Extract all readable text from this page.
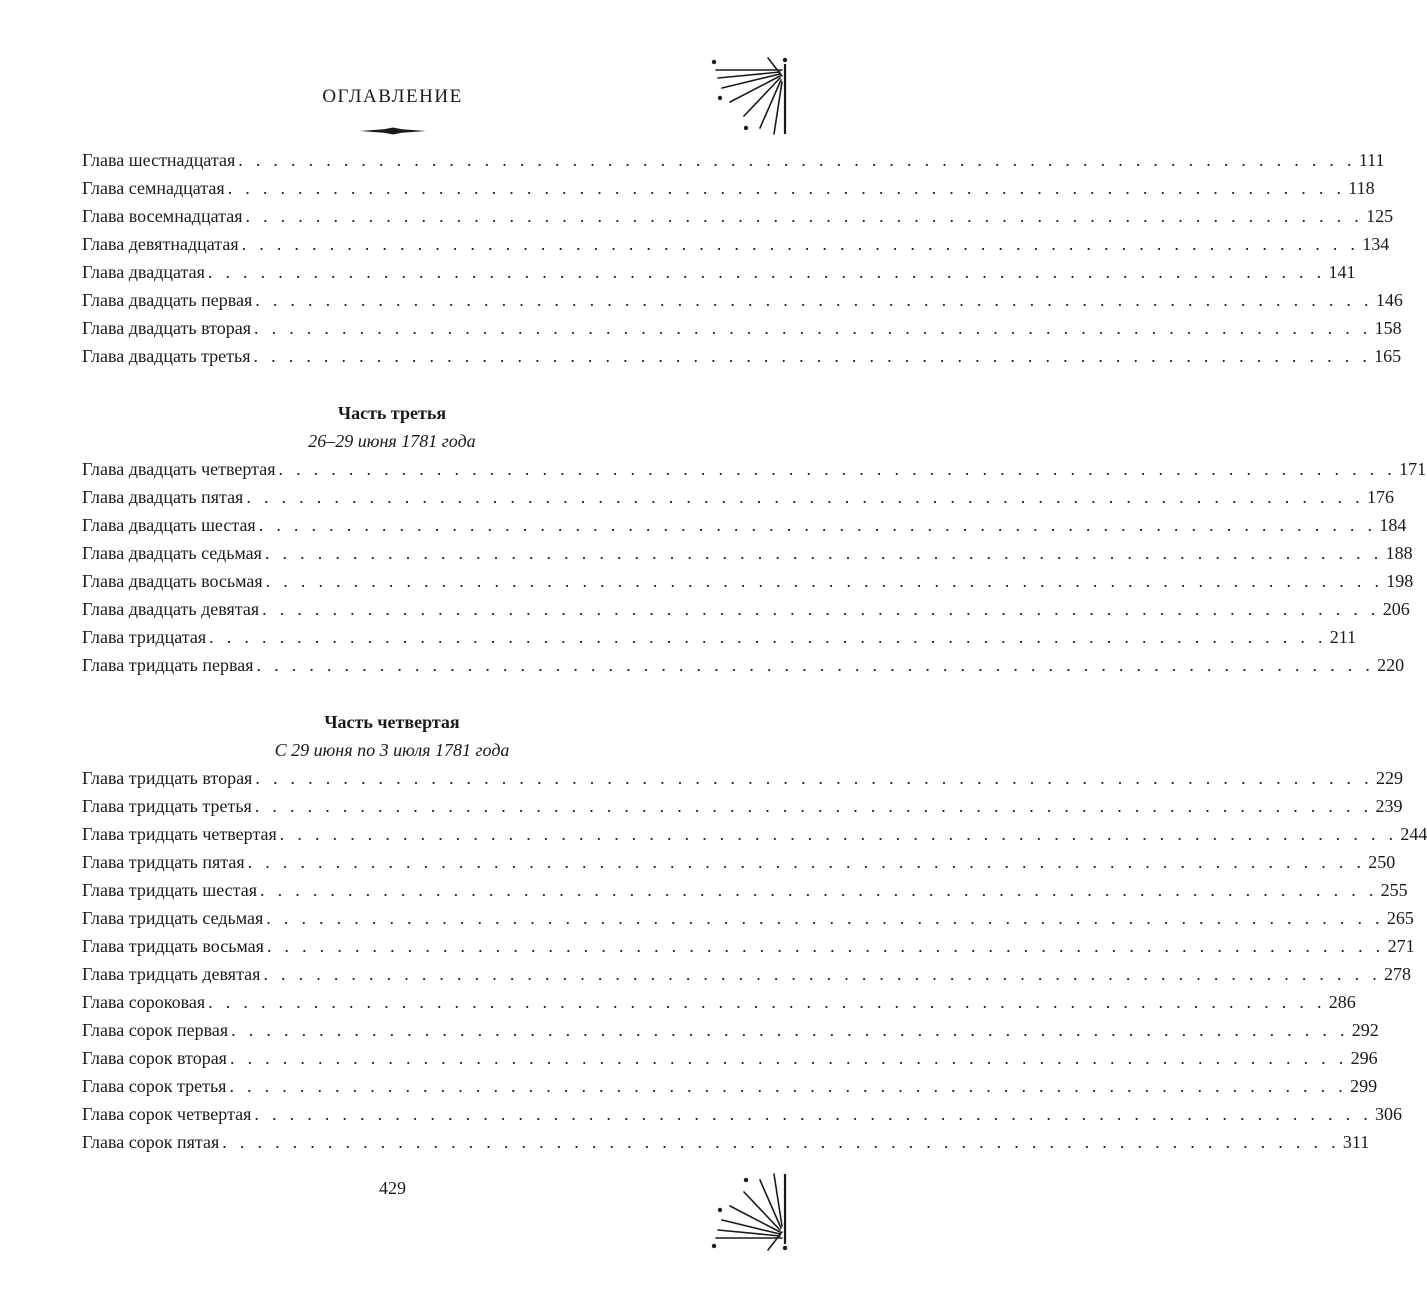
ОГЛАВЛЕНИЕ
Глава шестнадцатая . . . . . . . . . . . . . . . . . . . . . . . . . . . . . . . . . . . . . . . . . . . . . . . . . . . . . . . . . . . . . . . . 111
Глава семнадцатая . . . . . . . . . . . . . . . . . . . . . . . . . . . . . . . . . . . . . . . . . . . . . . . . . . . . . . . . . . . . . . . . 118
Глава восемнадцатая . . . . . . . . . . . . . . . . . . . . . . . . . . . . . . . . . . . . . . . . . . . . . . . . . . . . . . . . . . . . . . . . 125
Глава девятнадцатая . . . . . . . . . . . . . . . . . . . . . . . . . . . . . . . . . . . . . . . . . . . . . . . . . . . . . . . . . . . . . . . . 134
Глава двадцатая . . . . . . . . . . . . . . . . . . . . . . . . . . . . . . . . . . . . . . . . . . . . . . . . . . . . . . . . . . . . . . . . 141
Глава двадцать первая . . . . . . . . . . . . . . . . . . . . . . . . . . . . . . . . . . . . . . . . . . . . . . . . . . . . . . . . . . . . . . . . 146
Глава двадцать вторая . . . . . . . . . . . . . . . . . . . . . . . . . . . . . . . . . . . . . . . . . . . . . . . . . . . . . . . . . . . . . . . . 158
Глава двадцать третья . . . . . . . . . . . . . . . . . . . . . . . . . . . . . . . . . . . . . . . . . . . . . . . . . . . . . . . . . . . . . . . . 165
Часть третья
26–29 июня 1781 года
Глава двадцать четвертая . . . . . . . . . . . . . . . . . . . . . . . . . . . . . . . . . . . . . . . . . . . . . . . . . . . . . . . . . . . . . . . . 171
Глава двадцать пятая . . . . . . . . . . . . . . . . . . . . . . . . . . . . . . . . . . . . . . . . . . . . . . . . . . . . . . . . . . . . . . . . 176
Глава двадцать шестая . . . . . . . . . . . . . . . . . . . . . . . . . . . . . . . . . . . . . . . . . . . . . . . . . . . . . . . . . . . . . . . . 184
Глава двадцать седьмая . . . . . . . . . . . . . . . . . . . . . . . . . . . . . . . . . . . . . . . . . . . . . . . . . . . . . . . . . . . . . . . . 188
Глава двадцать восьмая . . . . . . . . . . . . . . . . . . . . . . . . . . . . . . . . . . . . . . . . . . . . . . . . . . . . . . . . . . . . . . . . 198
Глава двадцать девятая . . . . . . . . . . . . . . . . . . . . . . . . . . . . . . . . . . . . . . . . . . . . . . . . . . . . . . . . . . . . . . . . 206
Глава тридцатая . . . . . . . . . . . . . . . . . . . . . . . . . . . . . . . . . . . . . . . . . . . . . . . . . . . . . . . . . . . . . . . . 211
Глава тридцать первая . . . . . . . . . . . . . . . . . . . . . . . . . . . . . . . . . . . . . . . . . . . . . . . . . . . . . . . . . . . . . . . . 220
Часть четвертая
С 29 июня по 3 июля 1781 года
Глава тридцать вторая . . . . . . . . . . . . . . . . . . . . . . . . . . . . . . . . . . . . . . . . . . . . . . . . . . . . . . . . . . . . . . . . 229
Глава тридцать третья . . . . . . . . . . . . . . . . . . . . . . . . . . . . . . . . . . . . . . . . . . . . . . . . . . . . . . . . . . . . . . . . 239
Глава тридцать четвертая . . . . . . . . . . . . . . . . . . . . . . . . . . . . . . . . . . . . . . . . . . . . . . . . . . . . . . . . . . . . . . . . 244
Глава тридцать пятая . . . . . . . . . . . . . . . . . . . . . . . . . . . . . . . . . . . . . . . . . . . . . . . . . . . . . . . . . . . . . . . . 250
Глава тридцать шестая . . . . . . . . . . . . . . . . . . . . . . . . . . . . . . . . . . . . . . . . . . . . . . . . . . . . . . . . . . . . . . . . 255
Глава тридцать седьмая . . . . . . . . . . . . . . . . . . . . . . . . . . . . . . . . . . . . . . . . . . . . . . . . . . . . . . . . . . . . . . . . 265
Глава тридцать восьмая . . . . . . . . . . . . . . . . . . . . . . . . . . . . . . . . . . . . . . . . . . . . . . . . . . . . . . . . . . . . . . . . 271
Глава тридцать девятая . . . . . . . . . . . . . . . . . . . . . . . . . . . . . . . . . . . . . . . . . . . . . . . . . . . . . . . . . . . . . . . . 278
Глава сороковая . . . . . . . . . . . . . . . . . . . . . . . . . . . . . . . . . . . . . . . . . . . . . . . . . . . . . . . . . . . . . . . . 286
Глава сорок первая . . . . . . . . . . . . . . . . . . . . . . . . . . . . . . . . . . . . . . . . . . . . . . . . . . . . . . . . . . . . . . . . 292
Глава сорок вторая . . . . . . . . . . . . . . . . . . . . . . . . . . . . . . . . . . . . . . . . . . . . . . . . . . . . . . . . . . . . . . . . 296
Глава сорок третья . . . . . . . . . . . . . . . . . . . . . . . . . . . . . . . . . . . . . . . . . . . . . . . . . . . . . . . . . . . . . . . . 299
Глава сорок четвертая . . . . . . . . . . . . . . . . . . . . . . . . . . . . . . . . . . . . . . . . . . . . . . . . . . . . . . . . . . . . . . . . 306
Глава сорок пятая . . . . . . . . . . . . . . . . . . . . . . . . . . . . . . . . . . . . . . . . . . . . . . . . . . . . . . . . . . . . . . . . 311
429
